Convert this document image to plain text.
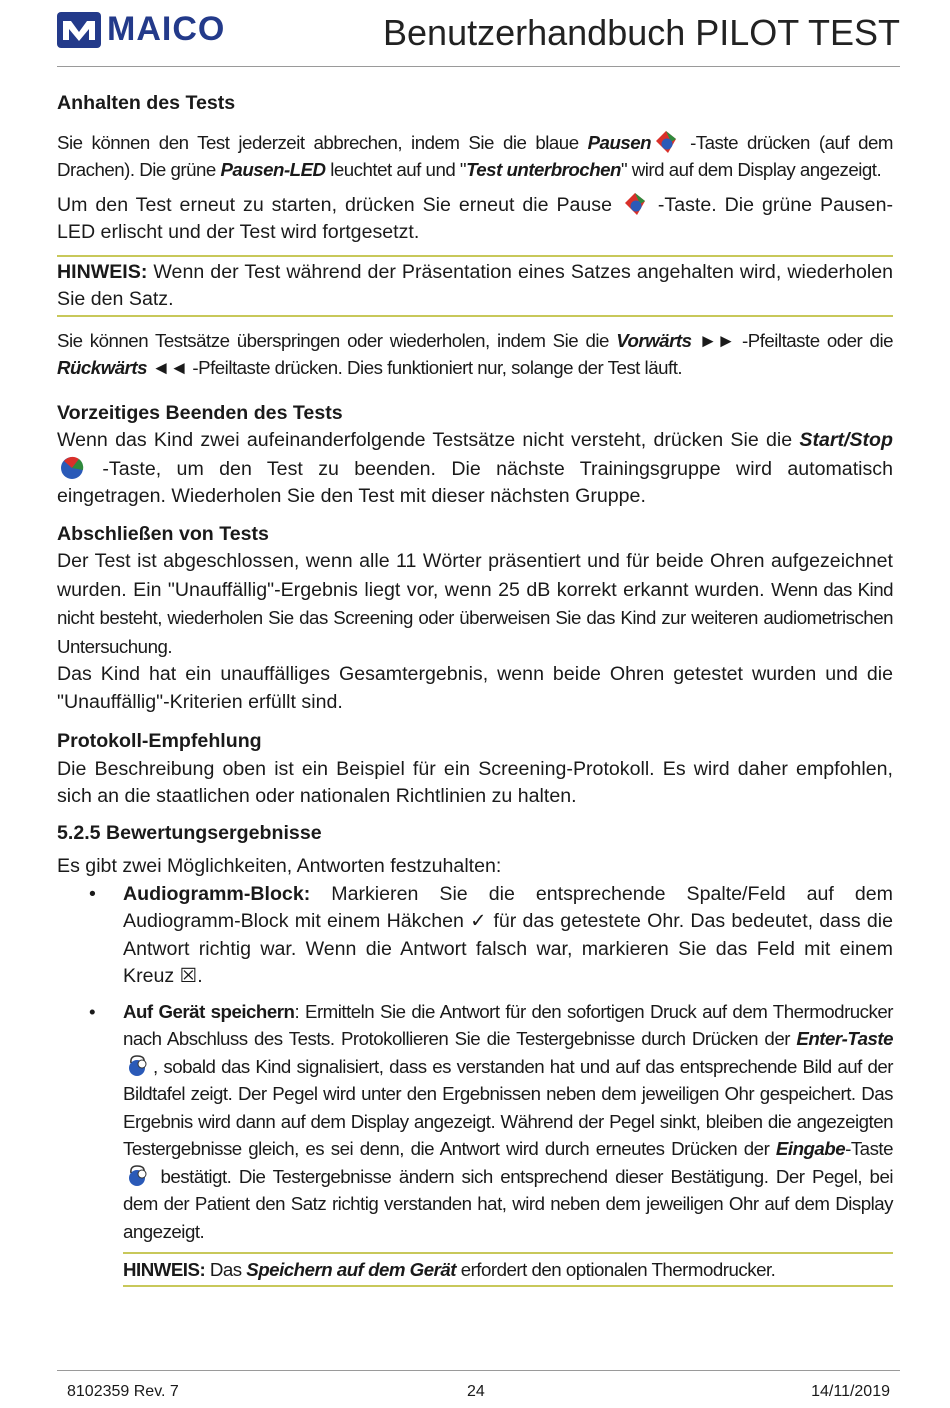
MAICO	Benutzerhandbuch PILOT TEST
Anhalten des Tests

Sie können den Test jederzeit abbrechen, indem Sie die blaue Pausen -Taste drücken (auf dem Drachen). Die grüne Pausen-LED leuchtet auf und "Test unterbrochen" wird auf dem Display angezeigt.

Um den Test erneut zu starten, drücken Sie erneut die Pause  -Taste. Die grüne Pausen-LED erlischt und der Test wird fortgesetzt.

HINWEIS: Wenn der Test während der Präsentation eines Satzes angehalten wird, wiederholen Sie den Satz.

Sie können Testsätze überspringen oder wiederholen, indem Sie die Vorwärts ►► -Pfeiltaste oder die Rückwärts ◄◄ -Pfeiltaste drücken. Dies funktioniert nur, solange der Test läuft.

Vorzeitiges Beenden des Tests

Wenn das Kind zwei aufeinanderfolgende Testsätze nicht versteht, drücken Sie die Start/Stop -Taste, um den Test zu beenden. Die nächste Trainingsgruppe wird automatisch eingetragen. Wiederholen Sie den Test mit dieser nächsten Gruppe.

Abschließen von Tests

Der Test ist abgeschlossen, wenn alle 11 Wörter präsentiert und für beide Ohren aufgezeichnet wurden. Ein "Unauffällig"-Ergebnis liegt vor, wenn 25 dB korrekt erkannt wurden. Wenn das Kind nicht besteht, wiederholen Sie das Screening oder überweisen Sie das Kind zur weiteren audiometrischen Untersuchung.

Das Kind hat ein unauffälliges Gesamtergebnis, wenn beide Ohren getestet wurden und die "Unauffällig"-Kriterien erfüllt sind.

Protokoll-Empfehlung

Die Beschreibung oben ist ein Beispiel für ein Screening-Protokoll. Es wird daher empfohlen, sich an die staatlichen oder nationalen Richtlinien zu halten.

5.2.5 Bewertungsergebnisse

Es gibt zwei Möglichkeiten, Antworten festzuhalten:

• Audiogramm-Block: Markieren Sie die entsprechende Spalte/Feld auf dem Audiogramm-Block mit einem Häkchen ✓ für das getestete Ohr. Das bedeutet, dass die Antwort richtig war. Wenn die Antwort falsch war, markieren Sie das Feld mit einem Kreuz ☒.
• Auf Gerät speichern: Ermitteln Sie die Antwort für den sofortigen Druck auf dem Thermodrucker nach Abschluss des Tests. Protokollieren Sie die Testergebnisse durch Drücken der Enter-Taste, sobald das Kind signalisiert, dass es verstanden hat und auf das entsprechende Bild auf der Bildtafel zeigt. Der Pegel wird unter den Ergebnissen neben dem jeweiligen Ohr gespeichert. Das Ergebnis wird dann auf dem Display angezeigt. Während der Pegel sinkt, bleiben die angezeigten Testergebnisse gleich, es sei denn, die Antwort wird durch erneutes Drücken der Eingabe-Taste  bestätigt. Die Testergebnisse ändern sich entsprechend dieser Bestätigung. Der Pegel, bei dem der Patient den Satz richtig verstanden hat, wird neben dem jeweiligen Ohr auf dem Display angezeigt.

HINWEIS: Das Speichern auf dem Gerät erfordert den optionalen Thermodrucker.

8102359 Rev. 7	24	14/11/2019
